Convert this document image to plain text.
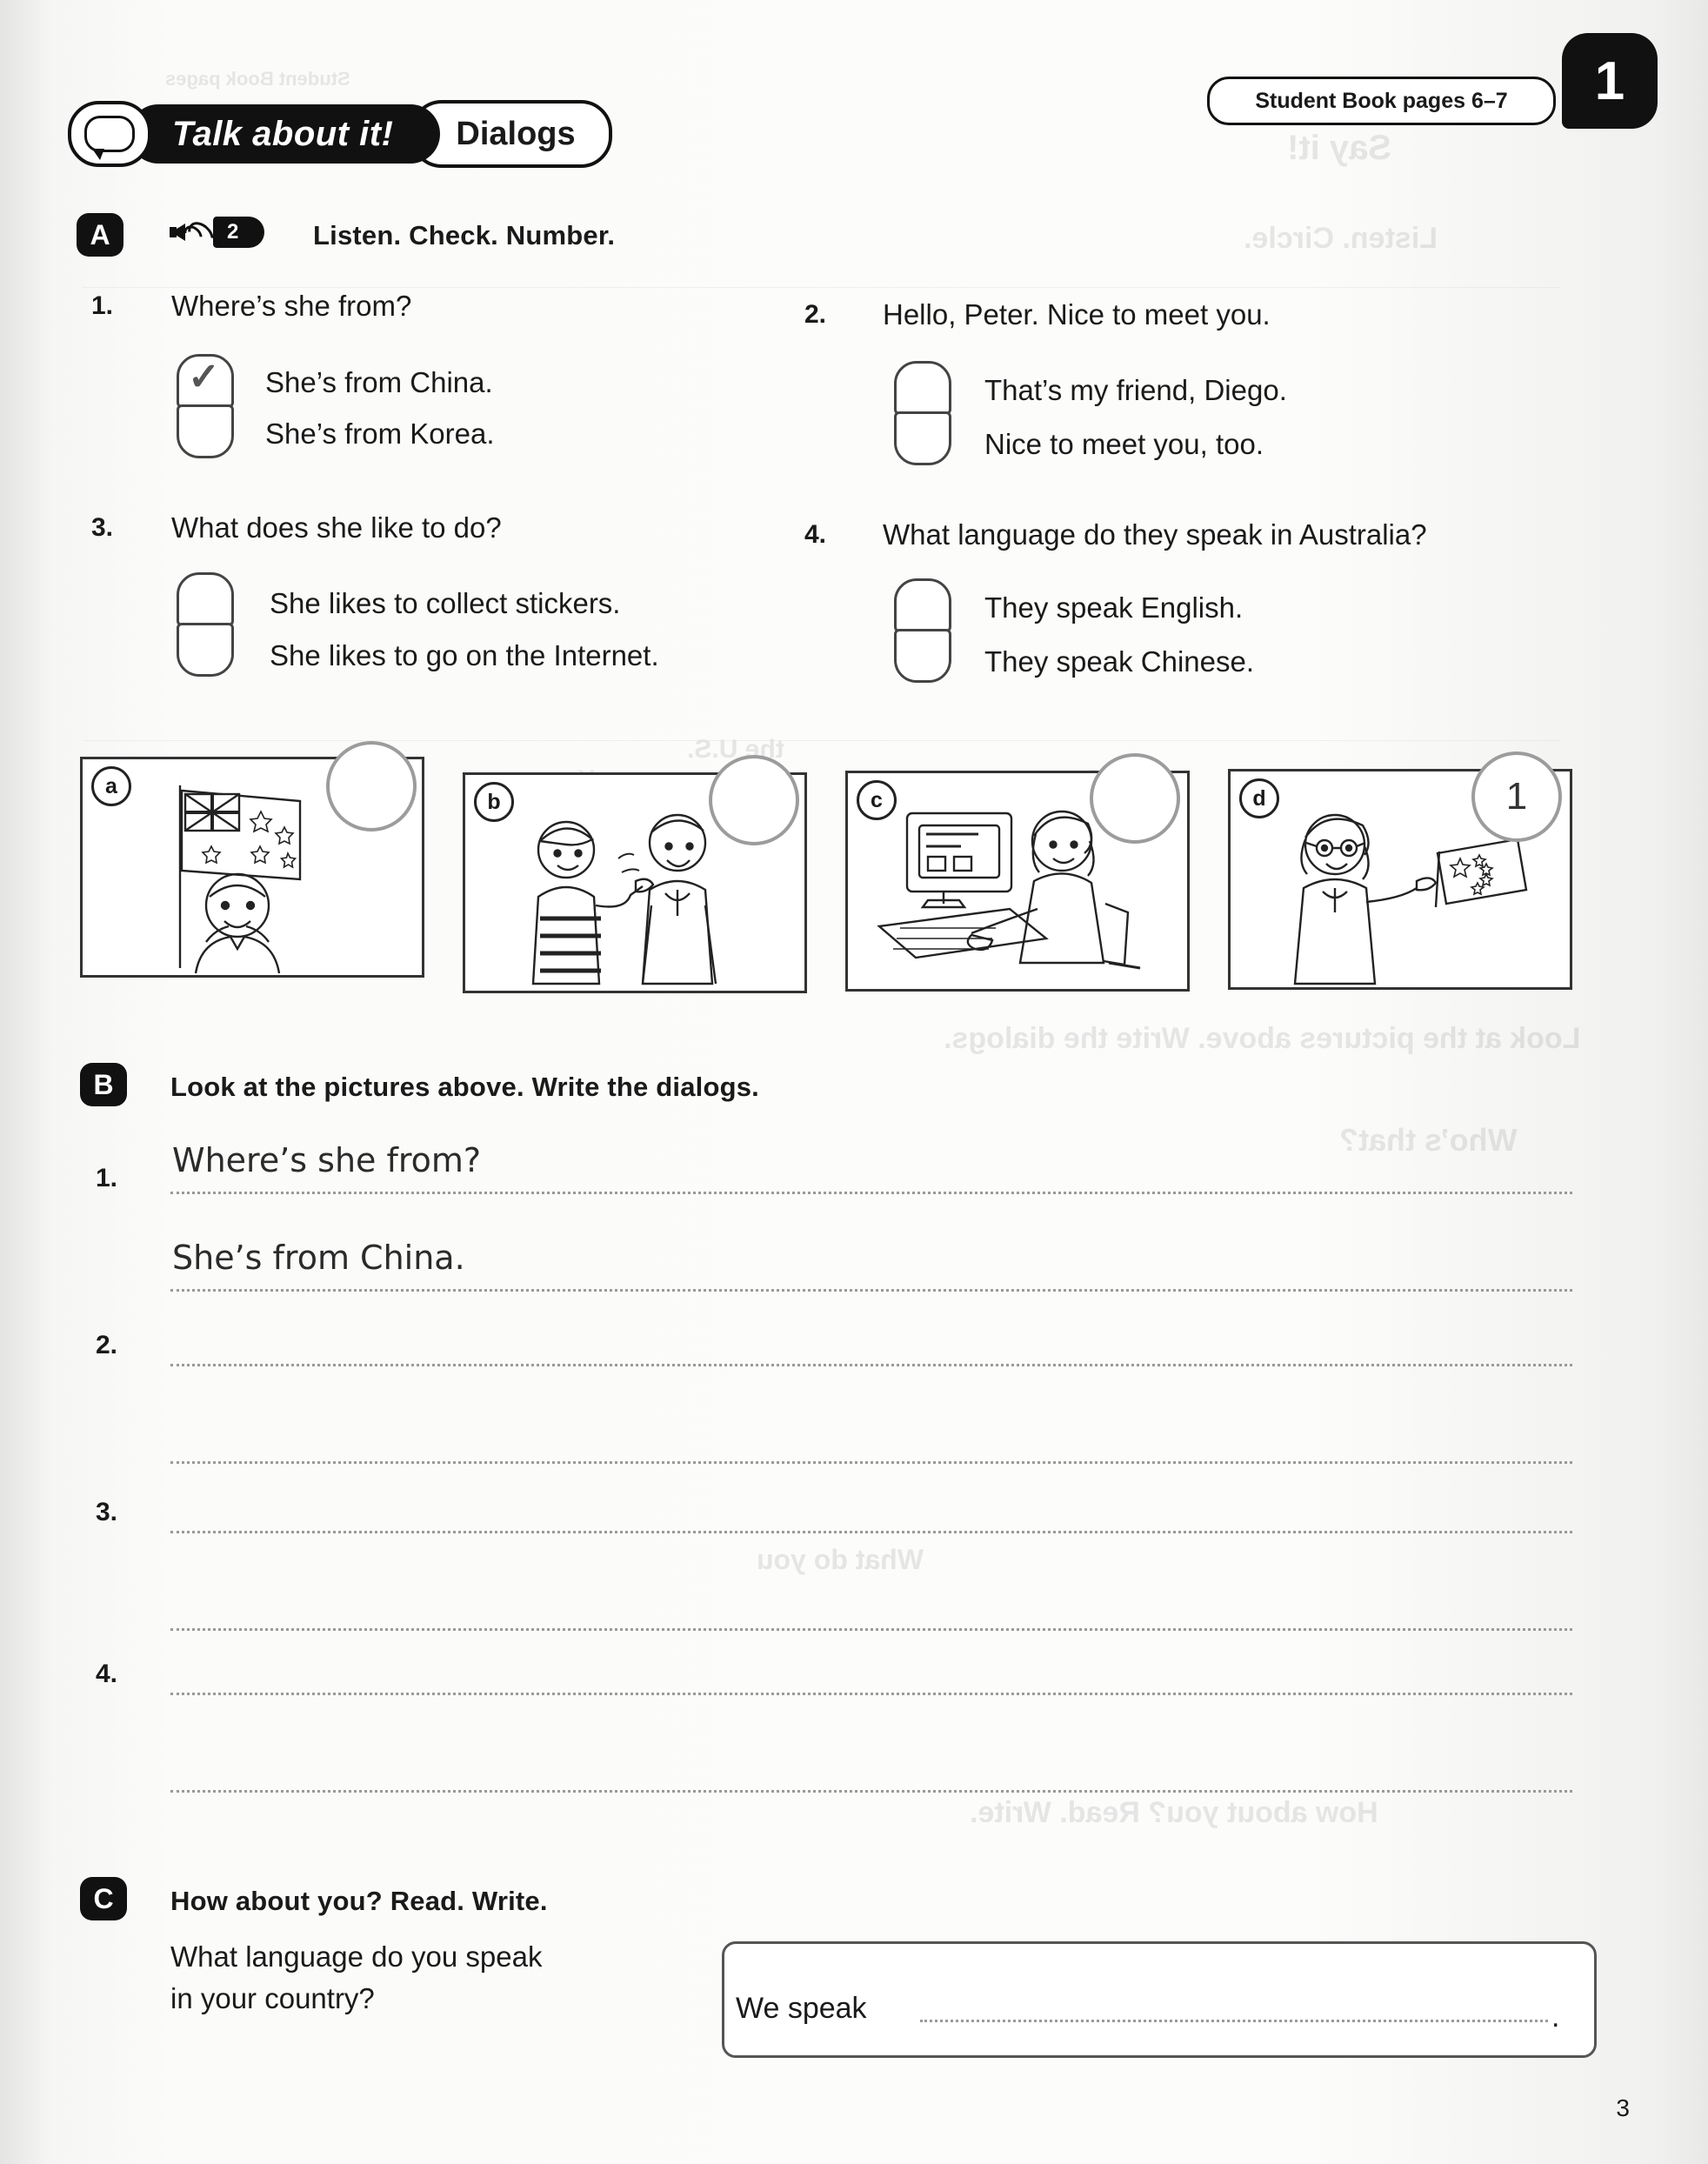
Talk about it!	Dialogs
Student Book pages 6–7	1
A	2	Listen. Check. Number.
1. Where’s she from?
✓ She’s from China.
She’s from Korea.
2. Hello, Peter. Nice to meet you.
That’s my friend, Diego.
Nice to meet you, too.
3. What does she like to do?
She likes to collect stickers.
She likes to go on the Internet.
4. What language do they speak in Australia?
They speak English.
They speak Chinese.
a
b	c	d	1
B	Look at the pictures above. Write the dialogs.
1. Where’s she from?
She’s from China.
2.
3.
4.
C	How about you? Read. Write.
What language do you speak
in your country?	We speak	.
3
